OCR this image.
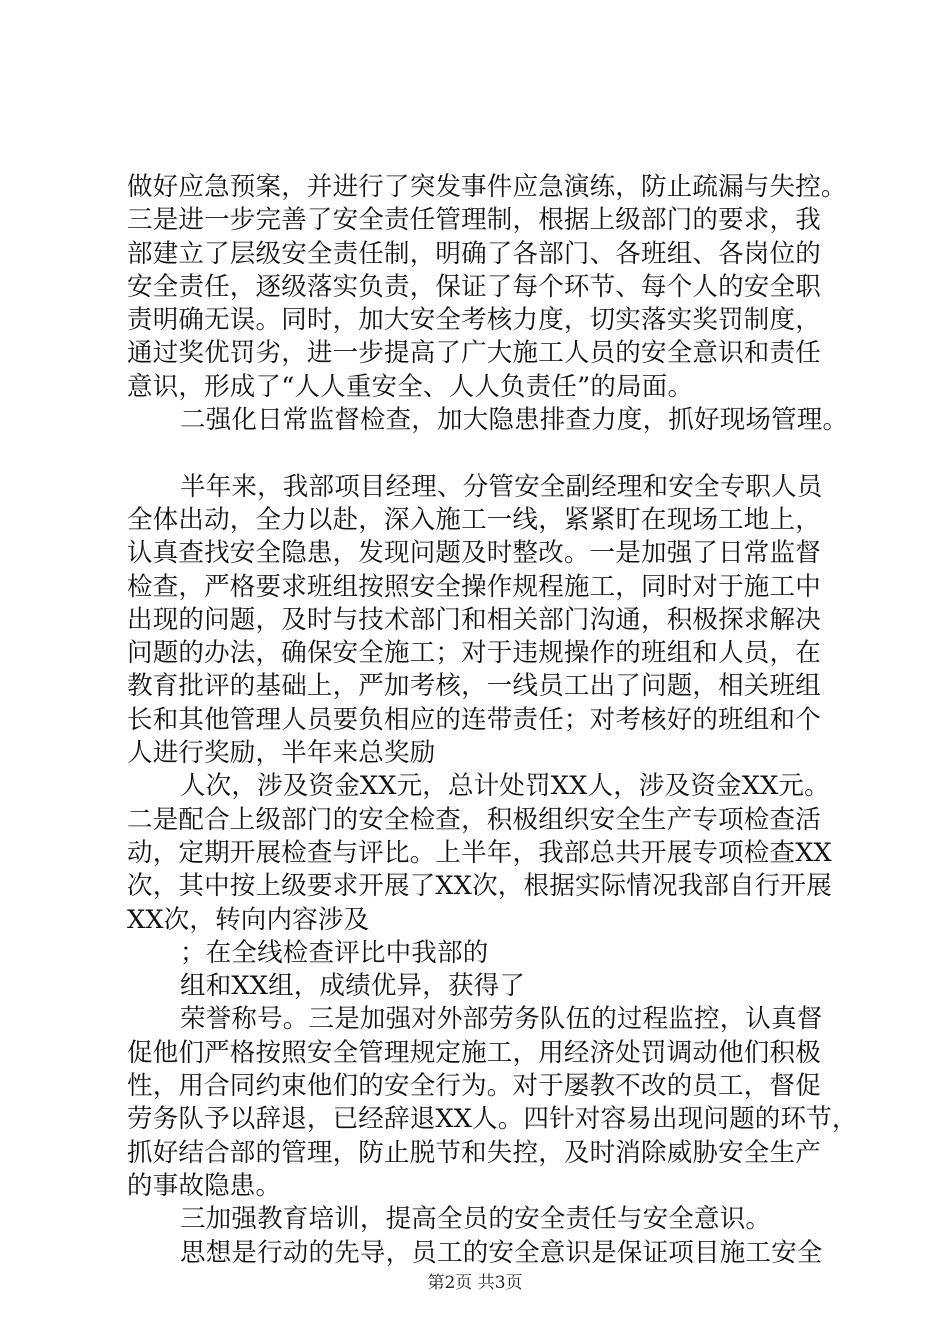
做好应急预案，并进行了突发事件应急演练，防止疏漏与失控。
三是进一步完善了安全责任管理制，根据上级部门的要求，我
部建立了层级安全责任制，明确了各部门、各班组、各岗位的
安全责任，逐级落实负责，保证了每个环节、每个人的安全职
责明确无误。同时，加大安全考核力度，切实落实奖罚制度，
通过奖优罚劣，进一步提高了广大施工人员的安全意识和责任
意识，形成了“人人重安全、人人负责任”的局面。
二强化日常监督检查，加大隐患排查力度，抓好现场管理。
半年来，我部项目经理、分管安全副经理和安全专职人员
全体出动，全力以赴，深入施工一线，紧紧盯在现场工地上，
认真查找安全隐患，发现问题及时整改。一是加强了日常监督
检查，严格要求班组按照安全操作规程施工，同时对于施工中
出现的问题，及时与技术部门和相关部门沟通，积极探求解决
问题的办法，确保安全施工；对于违规操作的班组和人员，在
教育批评的基础上，严加考核，一线员工出了问题，相关班组
长和其他管理人员要负相应的连带责任；对考核好的班组和个
人进行奖励，半年来总奖励
人次，涉及资金XX元，总计处罚XX人，涉及资金XX元。
二是配合上级部门的安全检查，积极组织安全生产专项检查活
动，定期开展检查与评比。上半年，我部总共开展专项检查XX
次，其中按上级要求开展了XX次，根据实际情况我部自行开展
XX次，转向内容涉及
；在全线检查评比中我部的
组和XX组，成绩优异，获得了
荣誉称号。三是加强对外部劳务队伍的过程监控，认真督
促他们严格按照安全管理规定施工，用经济处罚调动他们积极
性，用合同约束他们的安全行为。对于屡教不改的员工，督促
劳务队予以辞退，已经辞退XX人。四针对容易出现问题的环节，
抓好结合部的管理，防止脱节和失控，及时消除威胁安全生产
的事故隐患。
三加强教育培训，提高全员的安全责任与安全意识。
思想是行动的先导，员工的安全意识是保证项目施工安全
第2页 共3页
